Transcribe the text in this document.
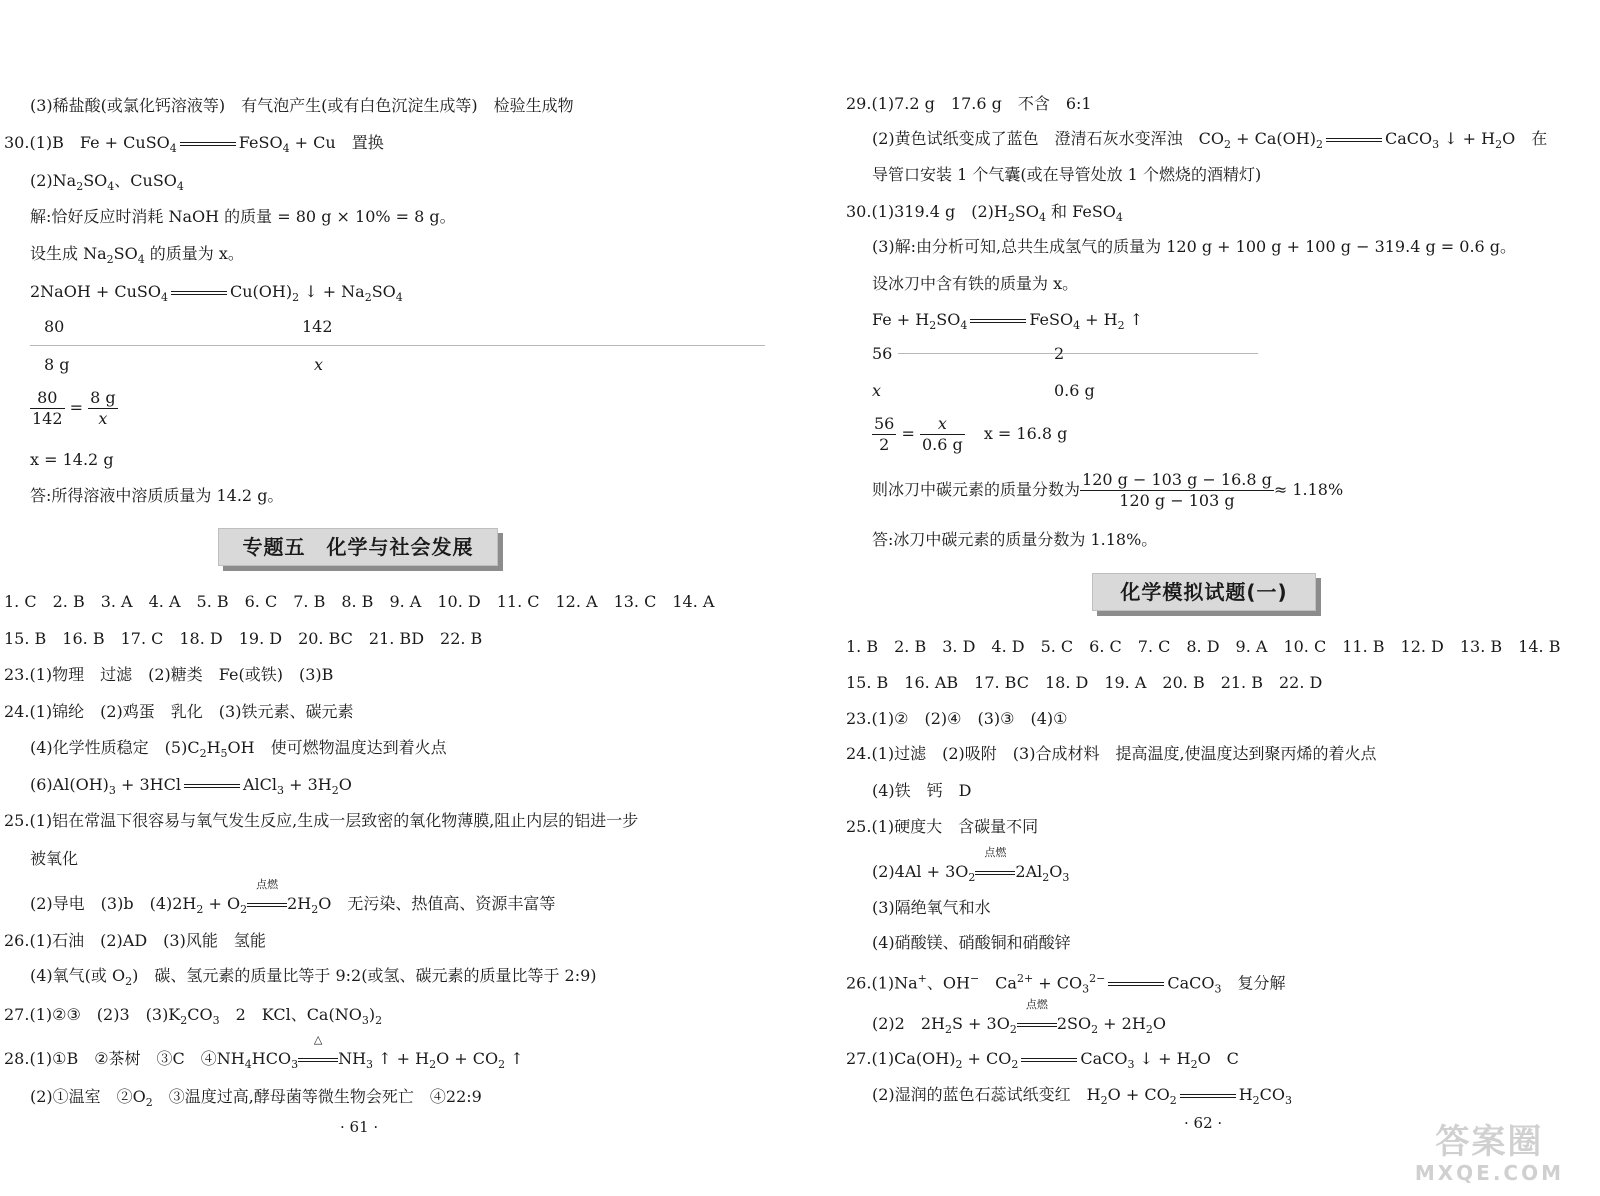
(3)稀盐酸(或氯化钙溶液等)　有气泡产生(或有白色沉淀生成等)　检验生成物
30.(1)B　Fe + CuSO$_4$	FeSO$_4$ + Cu　置换
$(2)Na_2SO_4$、CuSO$_4$
解:恰好反应时消耗 NaOH 的质量 = 80 g × 10% = 8 g。
设生成 $Na_2SO_4$ 的质量为 x。
2NaOH + CuSO$_4$	$Cu(OH)_2$ ↓ + $Na_2SO_4$
80	142
8 g	x
$\frac{80}{142} = \frac{8 g}{x}$
x = 14.2 g
答:所得溶液中溶质质量为 14.2 g。
专题五　化学与社会发展
1. C　2. B　3. A　4. A　5. B　6. C　7. B　8. B　9. A　10. D　11. C　12. A　13. C　14. A
15. B　16. B　17. C　18. D　19. D　20. BC　21. BD　22. B
23.(1)物理　过滤　(2)糖类　Fe(或铁)　(3)B
24.(1)锦纶　(2)鸡蛋　乳化　(3)铁元素、碳元素
(4)化学性质稳定　$(5)C_2H_5OH$　使可燃物温度达到着火点
$(6)Al(OH)_3 + 3HCl$	AlCl$_3$ + $3H_2O$
25.(1)铝在常温下很容易与氧气发生反应,生成一层致密的氧化物薄膜,阻止内层的铝进一步
被氧化
(2)导电　(3)b　$(4)2H_2 + O_2$
点燃
$2H_2O$　无污染、热值高、资源丰富等
26.(1)石油　(2)AD　(3)风能　氢能
(4)氧气(或 $O_2$)　碳、氢元素的质量比等于 9:2(或氢、碳元素的质量比等于 2:9)
27.(1)②③　(2)3　$(3)K_2CO_3$　2　KCl、$Ca(NO_3)_2$
28.(1)①B　②茶树　③C　$④NH_4HCO_3$
△
$NH_3$ ↑ + $H_2O + CO_2$ ↑
(2)①温室　$②O_2$　③温度过高,酵母菌等微生物会死亡　④22:9
· 61 ·
29.(1)7.2 g　17.6 g　不含　6:1
(2)黄色试纸变成了蓝色　澄清石灰水变浑浊　$CO_2 + Ca(OH)_2$	CaCO$_3$ ↓ + $H_2O$　在
导管口安装 1 个气囊(或在导管处放 1 个燃烧的酒精灯)
30.(1)319.4 g　$(2)H_2SO_4$ 和 FeSO$_4$
(3)解:由分析可知,总共生成氢气的质量为 120 g + 100 g + 100 g − 319.4 g = 0.6 g。
设冰刀中含有铁的质量为 x。
$Fe + H_2SO_4$	FeSO$_4$ + $H_2$ ↑
56	2
x	0.6 g
$\frac{56}{2} = \frac{x}{0.6 g}$ x = 16.8 g
则冰刀中碳元素的质量分数为 $\frac{120 g - 103 g - 16.8 g}{120 g - 103 g} \approx 1.18\%$
答:冰刀中碳元素的质量分数为 1.18%。
化学模拟试题(一)
1. B　2. B　3. D　4. D　5. C　6. C　7. C　8. D　9. A　10. C　11. B　12. D　13. B　14. B
15. B　16. AB　17. BC　18. D　19. A　20. B　21. B　22. D
23.(1)②　(2)④　(3)③　(4)①
24.(1)过滤　(2)吸附　(3)合成材料　提高温度,使温度达到聚丙烯的着火点
(4)铁　钙　D
25.(1)硬度大　含碳量不同
$(2)4Al + 3O_2$
点燃
$2Al_2O_3$
(3)隔绝氧气和水
(4)硝酸镁、硝酸铜和硝酸锌
26.(1)Na+、OH−　$Ca^{2+} + CO_3^{2-}$	CaCO$_3$　复分解
(2)2　$2H_2S + 3O_2$
点燃
$2SO_2 + 2H_2O$
$27.(1)Ca(OH)_2 + CO_2$	CaCO$_3$ ↓ + $H_2O$　C
(2)湿润的蓝色石蕊试纸变红　$H_2O + CO_2$	$H_2CO_3$
· 62 ·	答案圈
MXQE.COM
